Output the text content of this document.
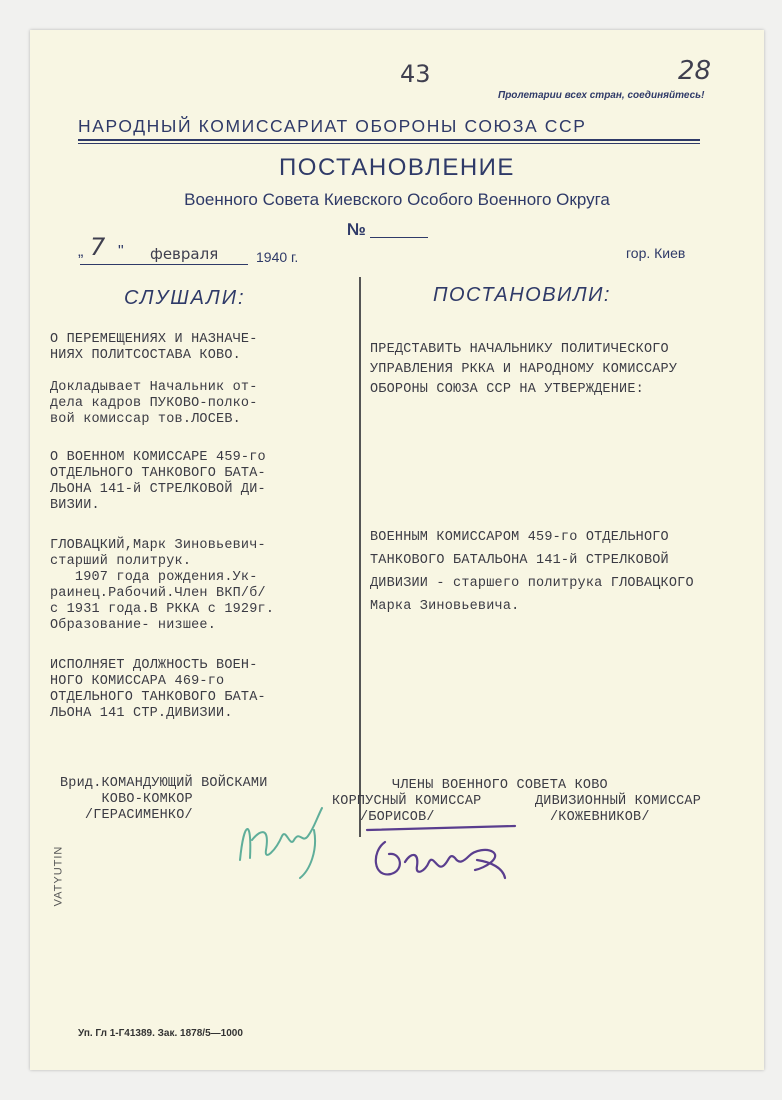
43	28
VATYUTIN
Пролетарии всех стран, соединяйтесь!
НАРОДНЫЙ КОМИССАРИАТ ОБОРОНЫ СОЮЗА ССР
ПОСТАНОВЛЕНИЕ
Военного Совета Киевского Особого Военного Округа
№
„ 7 " февраля	1940 г.	гор. Киев
СЛУШАЛИ:	ПОСТАНОВИЛИ:
О ПЕРЕМЕЩЕНИЯХ И НАЗНАЧЕ-
НИЯХ ПОЛИТСОСТАВА КОВО.
Докладывает Начальник от-
дела кадров ПУКОВО-полко-
вой комиссар тов.ЛОСЕВ.
О ВОЕННОМ КОМИССАРЕ 459-го
ОТДЕЛЬНОГО ТАНКОВОГО БАТА-
ЛЬОНА 141-й СТРЕЛКОВОЙ ДИ-
ВИЗИИ.
ГЛОВАЦКИЙ,Марк Зиновьевич-
старший политрук.
1907 года рождения.Ук-
раинец.Рабочий.Член ВКП/б/
с 1931 года.В РККА с 1929г.
Образование- низшее.
ИСПОЛНЯЕТ ДОЛЖНОСТЬ ВОЕН-
НОГО КОМИССАРА 469-го
ОТДЕЛЬНОГО ТАНКОВОГО БАТА-
ЛЬОНА 141 СТР.ДИВИЗИИ.
ПРЕДСТАВИТЬ НАЧАЛЬНИКУ ПОЛИТИЧЕСКОГО
УПРАВЛЕНИЯ РККА И НАРОДНОМУ КОМИССАРУ
ОБОРОНЫ СОЮЗА ССР НА УТВЕРЖДЕНИЕ:
ВОЕННЫМ КОМИССАРОМ 459-го ОТДЕЛЬНОГО
ТАНКОВОГО БАТАЛЬОНА 141-й СТРЕЛКОВОЙ
ДИВИЗИИ - старшего политрука ГЛОВАЦКОГО
Марка Зиновьевича.
Врид.КОМАНДУЮЩИЙ ВОЙСКАМИ
КОВО-КОМКОР
/ГЕРАСИМЕНКО/
ЧЛЕНЫ ВОЕННОГО СОВЕТА КОВО
КОРПУСНЫЙ КОМИССАР
/БОРИСОВ/
ДИВИЗИОННЫЙ КОМИССАР
/КОЖЕВНИКОВ/
Уп. Гл 1-Г41389. Зак. 1878/5—1000
